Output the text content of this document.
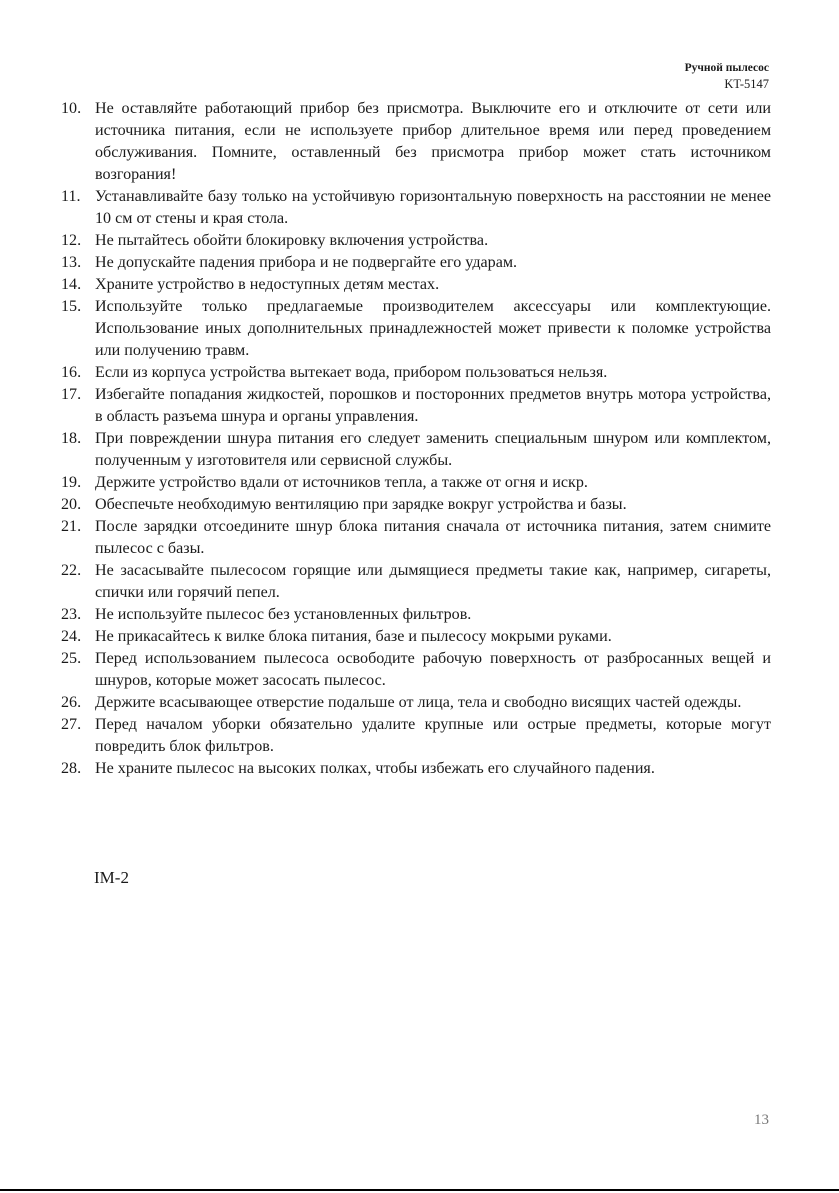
Ручной пылесос
KT-5147
10. Не оставляйте работающий прибор без присмотра. Выключите его и отключите от сети или источника питания, если не используете прибор длительное время или перед проведением обслуживания. Помните, оставленный без присмотра прибор может стать источником возгорания!
11. Устанавливайте базу только на устойчивую горизонтальную поверхность на расстоянии не менее 10 см от стены и края стола.
12. Не пытайтесь обойти блокировку включения устройства.
13. Не допускайте падения прибора и не подвергайте его ударам.
14. Храните устройство в недоступных детям местах.
15. Используйте только предлагаемые производителем аксессуары или комплектующие. Использование иных дополнительных принадлежностей может привести к поломке устройства или получению травм.
16. Если из корпуса устройства вытекает вода, прибором пользоваться нельзя.
17. Избегайте попадания жидкостей, порошков и посторонних предметов внутрь мотора устройства, в область разъема шнура и органы управления.
18. При повреждении шнура питания его следует заменить специальным шнуром или комплектом, полученным у изготовителя или сервисной службы.
19. Держите устройство вдали от источников тепла, а также от огня и искр.
20. Обеспечьте необходимую вентиляцию при зарядке вокруг устройства и базы.
21. После зарядки отсоедините шнур блока питания сначала от источника питания, затем снимите пылесос с базы.
22. Не засасывайте пылесосом горящие или дымящиеся предметы такие как, например, сигареты, спички или горячий пепел.
23. Не используйте пылесос без установленных фильтров.
24. Не прикасайтесь к вилке блока питания, базе и пылесосу мокрыми руками.
25. Перед использованием пылесоса освободите рабочую поверхность от разбросанных вещей и шнуров, которые может засосать пылесос.
26. Держите всасывающее отверстие подальше от лица, тела и свободно висящих частей одежды.
27. Перед началом уборки обязательно удалите крупные или острые предметы, которые могут повредить блок фильтров.
28. Не храните пылесос на высоких полках, чтобы избежать его случайного падения.
IM-2
13
